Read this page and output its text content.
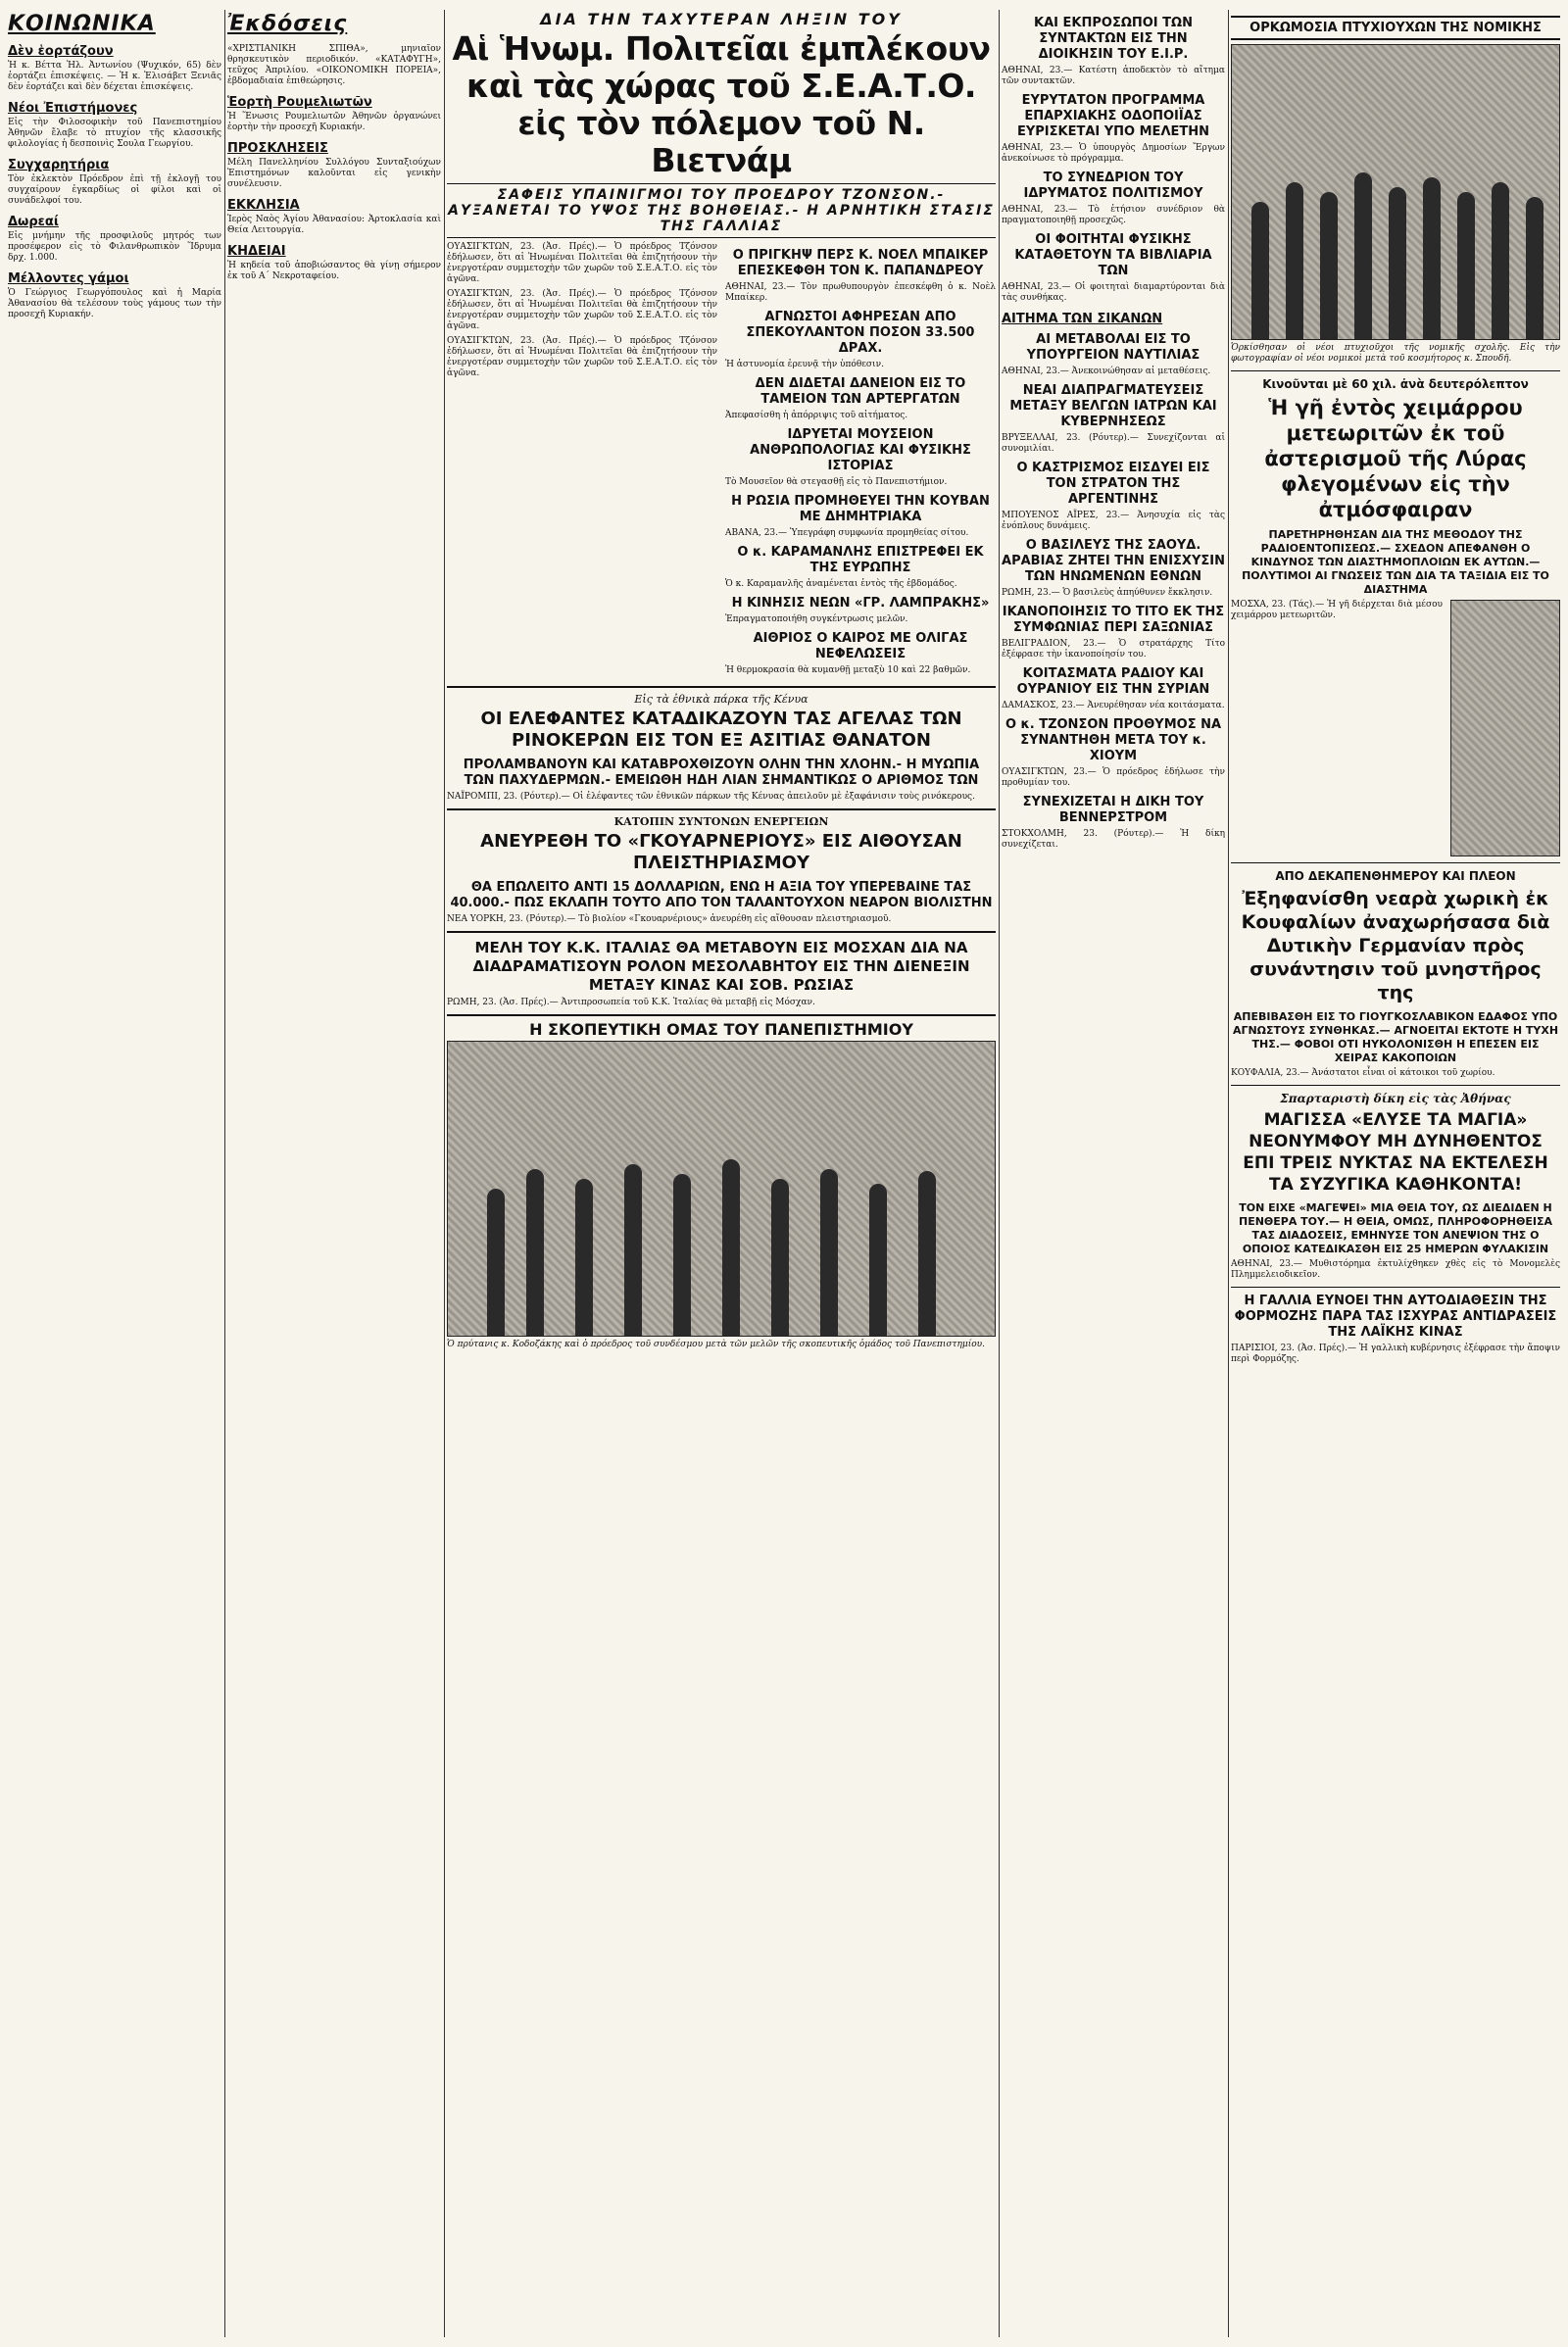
ΚΟΙΝΩΝΙΚΑ
Δὲν ἑορτάζουν

Ἡ κ. Βέττα Ἠλ. Ἀντωνίου (Ψυχικόν, 65) δὲν ἑορτάζει ἐπισκέψεις. — Ἡ κ. Ἑλισάβετ Ξενιᾶς δὲν ἑορτάζει καὶ δὲν δέχεται ἐπισκέψεις.

Νέοι Ἐπιστήμονες

Εἰς τὴν Φιλοσοφικὴν τοῦ Πανεπιστημίου Ἀθηνῶν ἔλαβε τὸ πτυχίον τῆς κλασσικῆς φιλολογίας ἡ δεσποινὶς Σουλα Γεωργίου.

Συγχαρητήρια

Τὸν ἐκλεκτὸν Πρόεδρον ἐπὶ τῇ ἐκλογῇ του συγχαίρουν ἐγκαρδίως οἱ φίλοι καὶ οἱ συνάδελφοί του.

Δωρεαί

Εἰς μνήμην τῆς προσφιλοῦς μητρός των προσέφερον εἰς τὸ Φιλανθρωπικὸν Ἵδρυμα δρχ. 1.000.

Μέλλοντες γάμοι

Ὁ Γεώργιος Γεωργόπουλος καὶ ἡ Μαρία Ἀθανασίου θὰ τελέσουν τοὺς γάμους των τὴν προσεχῆ Κυριακήν.

Ἐκδόσεις

«ΧΡΙΣΤΙΑΝΙΚΗ ΣΠΙΘΑ», μηνιαῖον θρησκευτικὸν περιοδικόν. «ΚΑΤΑΦΥΓΗ», τεῦχος Ἀπριλίου. «ΟΙΚΟΝΟΜΙΚΗ ΠΟΡΕΙΑ», ἑβδομαδιαία ἐπιθεώρησις.

Ἑορτὴ Ρουμελιωτῶν

Ἡ Ἕνωσις Ρουμελιωτῶν Ἀθηνῶν ὀργανώνει ἑορτὴν τὴν προσεχῆ Κυριακήν.

ΠΡΟΣΚΛΗΣΕΙΣ

Μέλη Πανελληνίου Συλλόγου Συνταξιούχων Ἐπιστημόνων καλοῦνται εἰς γενικὴν συνέλευσιν.

ΕΚΚΛΗΣΙΑ

Ἱερὸς Ναὸς Ἁγίου Ἀθανασίου: Ἀρτοκλασία καὶ Θεία Λειτουργία.

ΚΗΔΕΙΑΙ

Ἡ κηδεία τοῦ ἀποβιώσαντος θὰ γίνῃ σήμερον ἐκ τοῦ Α΄ Νεκροταφείου.

ΔΙΑ ΤΗΝ ΤΑΧΥΤΕΡΑΝ ΛΗΞΙΝ ΤΟΥ
Αἱ Ἡνωμ. Πολιτεῖαι ἐμπλέκουν καὶ τὰς χώρας τοῦ Σ.Ε.Α.Τ.Ο. εἰς τὸν πόλεμον τοῦ Ν. Βιετνάμ
ΣΑΦΕΙΣ ΥΠΑΙΝΙΓΜΟΙ ΤΟΥ ΠΡΟΕΔΡΟΥ ΤΖΟΝΣΟΝ.- ΑΥΞΑΝΕΤΑΙ ΤΟ ΥΨΟΣ ΤΗΣ ΒΟΗΘΕΙΑΣ.- Η ΑΡΝΗΤΙΚΗ ΣΤΑΣΙΣ ΤΗΣ ΓΑΛΛΙΑΣ

ΟΥΑΣΙΓΚΤΩΝ, 23. (Ἀσ. Πρές).— Ὁ πρόεδρος Τζόνσον ἐδήλωσεν, ὅτι αἱ Ἡνωμέναι Πολιτεῖαι θὰ ἐπιζητήσουν τὴν ἐνεργοτέραν συμμετοχὴν τῶν χωρῶν τοῦ Σ.Ε.Α.Τ.Ο. εἰς τὸν ἀγῶνα.

ΟΥΑΣΙΓΚΤΩΝ, 23. (Ἀσ. Πρές).— Ὁ πρόεδρος Τζόνσον ἐδήλωσεν, ὅτι αἱ Ἡνωμέναι Πολιτεῖαι θὰ ἐπιζητήσουν τὴν ἐνεργοτέραν συμμετοχὴν τῶν χωρῶν τοῦ Σ.Ε.Α.Τ.Ο. εἰς τὸν ἀγῶνα.

ΟΥΑΣΙΓΚΤΩΝ, 23. (Ἀσ. Πρές).— Ὁ πρόεδρος Τζόνσον ἐδήλωσεν, ὅτι αἱ Ἡνωμέναι Πολιτεῖαι θὰ ἐπιζητήσουν τὴν ἐνεργοτέραν συμμετοχὴν τῶν χωρῶν τοῦ Σ.Ε.Α.Τ.Ο. εἰς τὸν ἀγῶνα.

Ο ΠΡΙΓΚΗΨ ΠΕΡΣ Κ. ΝΟΕΛ ΜΠΑΙΚΕΡ ΕΠΕΣΚΕΦΘΗ ΤΟΝ Κ. ΠΑΠΑΝΔΡΕΟΥ

ΑΘΗΝΑΙ, 23.— Τὸν πρωθυπουργὸν ἐπεσκέφθη ὁ κ. Νοὲλ Μπαίκερ.

ΑΓΝΩΣΤΟΙ ΑΦΗΡΕΣΑΝ ΑΠΟ ΣΠΕΚΟΥΛΑΝΤΟΝ ΠΟΣΟΝ 33.500 ΔΡΑΧ.

Ἡ ἀστυνομία ἐρευνᾷ τὴν ὑπόθεσιν.

ΔΕΝ ΔΙΔΕΤΑΙ ΔΑΝΕΙΟΝ ΕΙΣ ΤΟ ΤΑΜΕΙΟΝ ΤΩΝ ΑΡΤΕΡΓΑΤΩΝ

Ἀπεφασίσθη ἡ ἀπόρριψις τοῦ αἰτήματος.

ΙΔΡΥΕΤΑΙ ΜΟΥΣΕΙΟΝ ΑΝΘΡΩΠΟΛΟΓΙΑΣ ΚΑΙ ΦΥΣΙΚΗΣ ΙΣΤΟΡΙΑΣ

Τὸ Μουσεῖον θὰ στεγασθῇ εἰς τὸ Πανεπιστήμιον.

Η ΡΩΣΙΑ ΠΡΟΜΗΘΕΥΕΙ ΤΗΝ ΚΟΥΒΑΝ ΜΕ ΔΗΜΗΤΡΙΑΚΑ

ΑΒΑΝΑ, 23.— Ὑπεγράφη συμφωνία προμηθείας σίτου.

Ο κ. ΚΑΡΑΜΑΝΛΗΣ ΕΠΙΣΤΡΕΦΕΙ ΕΚ ΤΗΣ ΕΥΡΩΠΗΣ

Ὁ κ. Καραμανλῆς ἀναμένεται ἐντὸς τῆς ἑβδομάδος.

Η ΚΙΝΗΣΙΣ ΝΕΩΝ «ΓΡ. ΛΑΜΠΡΑΚΗΣ»

Ἐπραγματοποιήθη συγκέντρωσις μελῶν.

ΑΙΘΡΙΟΣ Ο ΚΑΙΡΟΣ ΜΕ ΟΛΙΓΑΣ ΝΕΦΕΛΩΣΕΙΣ

Ἡ θερμοκρασία θὰ κυμανθῇ μεταξὺ 10 καὶ 22 βαθμῶν.

Εἰς τὰ ἐθνικὰ πάρκα τῆς Κένυα
ΟΙ ΕΛΕΦΑΝΤΕΣ ΚΑΤΑΔΙΚΑΖΟΥΝ ΤΑΣ ΑΓΕΛΑΣ ΤΩΝ ΡΙΝΟΚΕΡΩΝ ΕΙΣ ΤΟΝ ΕΞ ΑΣΙΤΙΑΣ ΘΑΝΑΤΟΝ
ΠΡΟΛΑΜΒΑΝΟΥΝ ΚΑΙ ΚΑΤΑΒΡΟΧΘΙΖΟΥΝ ΟΛΗΝ ΤΗΝ ΧΛΟΗΝ.- Η ΜΥΩΠΙΑ ΤΩΝ ΠΑΧΥΔΕΡΜΩΝ.- ΕΜΕΙΩΘΗ ΗΔΗ ΛΙΑΝ ΣΗΜΑΝΤΙΚΩΣ Ο ΑΡΙΘΜΟΣ ΤΩΝ

ΝΑΪΡΟΜΠΙ, 23. (Ρόυτερ).— Οἱ ἐλέφαντες τῶν ἐθνικῶν πάρκων τῆς Κένυας ἀπειλοῦν μὲ ἐξαφάνισιν τοὺς ρινόκερους.

ΚΑΤΟΠΙΝ ΣΥΝΤΟΝΩΝ ΕΝΕΡΓΕΙΩΝ
ΑΝΕΥΡΕΘΗ ΤΟ «ΓΚΟΥΑΡΝΕΡΙΟΥΣ» ΕΙΣ ΑΙΘΟΥΣΑΝ ΠΛΕΙΣΤΗΡΙΑΣΜΟΥ
ΘΑ ΕΠΩΛΕΙΤΟ ΑΝΤΙ 15 ΔΟΛΛΑΡΙΩΝ, ΕΝΩ Η ΑΞΙΑ ΤΟΥ ΥΠΕΡΕΒΑΙΝΕ ΤΑΣ 40.000.- ΠΩΣ ΕΚΛΑΠΗ ΤΟΥΤΟ ΑΠΟ ΤΟΝ ΤΑΛΑΝΤΟΥΧΟΝ ΝΕΑΡΟΝ ΒΙΟΛΙΣΤΗΝ

ΝΕΑ ΥΟΡΚΗ, 23. (Ρόυτερ).— Τὸ βιολίον «Γκουαρνέριους» ἀνευρέθη εἰς αἴθουσαν πλειστηριασμοῦ.

ΜΕΛΗ ΤΟΥ Κ.Κ. ΙΤΑΛΙΑΣ ΘΑ ΜΕΤΑΒΟΥΝ ΕΙΣ ΜΟΣΧΑΝ ΔΙΑ ΝΑ ΔΙΑΔΡΑΜΑΤΙΣΟΥΝ ΡΟΛΟΝ ΜΕΣΟΛΑΒΗΤΟΥ ΕΙΣ ΤΗΝ ΔΙΕΝΕΞΙΝ ΜΕΤΑΞΥ ΚΙΝΑΣ ΚΑΙ ΣΟΒ. ΡΩΣΙΑΣ

ΡΩΜΗ, 23. (Ἀσ. Πρές).— Ἀντιπροσωπεία τοῦ Κ.Κ. Ἰταλίας θὰ μεταβῇ εἰς Μόσχαν.

Η ΣΚΟΠΕΥΤΙΚΗ ΟΜΑΣ ΤΟΥ ΠΑΝΕΠΙΣΤΗΜΙΟΥ

Ὁ πρύτανις κ. Κοδοζάκης καὶ ὁ πρόεδρος τοῦ συνδέσμου μετὰ τῶν μελῶν τῆς σκοπευτικῆς ὁμάδος τοῦ Πανεπιστημίου.

ΚΑΙ ΕΚΠΡΟΣΩΠΟΙ ΤΩΝ ΣΥΝΤΑΚΤΩΝ ΕΙΣ ΤΗΝ ΔΙΟΙΚΗΣΙΝ ΤΟΥ Ε.Ι.Ρ.

ΑΘΗΝΑΙ, 23.— Κατέστη ἀποδεκτὸν τὸ αἴτημα τῶν συντακτῶν.

ΕΥΡΥΤΑΤΟΝ ΠΡΟΓΡΑΜΜΑ ΕΠΑΡΧΙΑΚΗΣ ΟΔΟΠΟΙΪΑΣ ΕΥΡΙΣΚΕΤΑΙ ΥΠΟ ΜΕΛΕΤΗΝ

ΑΘΗΝΑΙ, 23.— Ὁ ὑπουργὸς Δημοσίων Ἔργων ἀνεκοίνωσε τὸ πρόγραμμα.

ΤΟ ΣΥΝΕΔΡΙΟΝ ΤΟΥ ΙΔΡΥΜΑΤΟΣ ΠΟΛΙΤΙΣΜΟΥ

ΑΘΗΝΑΙ, 23.— Τὸ ἐτήσιον συνέδριον θὰ πραγματοποιηθῇ προσεχῶς.

ΟΙ ΦΟΙΤΗΤΑΙ ΦΥΣΙΚΗΣ ΚΑΤΑΘΕΤΟΥΝ ΤΑ ΒΙΒΛΙΑΡΙΑ ΤΩΝ

ΑΘΗΝΑΙ, 23.— Οἱ φοιτηταὶ διαμαρτύρονται διὰ τὰς συνθήκας.

ΑΙΤΗΜΑ ΤΩΝ ΣΙΚΑΝΩΝ
ΑΙ ΜΕΤΑΒΟΛΑΙ ΕΙΣ ΤΟ ΥΠΟΥΡΓΕΙΟΝ ΝΑΥΤΙΛΙΑΣ

ΑΘΗΝΑΙ, 23.— Ἀνεκοινώθησαν αἱ μεταθέσεις.

ΝΕΑΙ ΔΙΑΠΡΑΓΜΑΤΕΥΣΕΙΣ ΜΕΤΑΞΥ ΒΕΛΓΩΝ ΙΑΤΡΩΝ ΚΑΙ ΚΥΒΕΡΝΗΣΕΩΣ

ΒΡΥΞΕΛΛΑΙ, 23. (Ρόυτερ).— Συνεχίζονται αἱ συνομιλίαι.

Ο ΚΑΣΤΡΙΣΜΟΣ ΕΙΣΔΥΕΙ ΕΙΣ ΤΟΝ ΣΤΡΑΤΟΝ ΤΗΣ ΑΡΓΕΝΤΙΝΗΣ

ΜΠΟΥΕΝΟΣ ΑΪΡΕΣ, 23.— Ἀνησυχία εἰς τὰς ἐνόπλους δυνάμεις.

Ο ΒΑΣΙΛΕΥΣ ΤΗΣ ΣΑΟΥΔ. ΑΡΑΒΙΑΣ ΖΗΤΕΙ ΤΗΝ ΕΝΙΣΧΥΣΙΝ ΤΩΝ ΗΝΩΜΕΝΩΝ ΕΘΝΩΝ

ΡΩΜΗ, 23.— Ὁ βασιλεὺς ἀπηύθυνεν ἔκκλησιν.

ΙΚΑΝΟΠΟΙΗΣΙΣ ΤΟ ΤΙΤΟ ΕΚ ΤΗΣ ΣΥΜΦΩΝΙΑΣ ΠΕΡΙ ΣΑΞΩΝΙΑΣ

ΒΕΛΙΓΡΑΔΙΟΝ, 23.— Ὁ στρατάρχης Τίτο ἐξέφρασε τὴν ἱκανοποίησίν του.

ΚΟΙΤΑΣΜΑΤΑ ΡΑΔΙΟΥ ΚΑΙ ΟΥΡΑΝΙΟΥ ΕΙΣ ΤΗΝ ΣΥΡΙΑΝ

ΔΑΜΑΣΚΟΣ, 23.— Ἀνευρέθησαν νέα κοιτάσματα.

Ο κ. ΤΖΟΝΣΟΝ ΠΡΟΘΥΜΟΣ ΝΑ ΣΥΝΑΝΤΗΘΗ ΜΕΤΑ ΤΟΥ κ. ΧΙΟΥΜ

ΟΥΑΣΙΓΚΤΩΝ, 23.— Ὁ πρόεδρος ἐδήλωσε τὴν προθυμίαν του.

ΣΥΝΕΧΙΖΕΤΑΙ Η ΔΙΚΗ ΤΟΥ ΒΕΝΝΕΡΣΤΡΟΜ

ΣΤΟΚΧΟΛΜΗ, 23. (Ρόυτερ).— Ἡ δίκη συνεχίζεται.

ΟΡΚΩΜΟΣΙΑ ΠΤΥΧΙΟΥΧΩΝ ΤΗΣ ΝΟΜΙΚΗΣ

Ὁρκίσθησαν οἱ νέοι πτυχιοῦχοι τῆς νομικῆς σχολῆς. Εἰς τὴν φωτογραφίαν οἱ νέοι νομικοὶ μετὰ τοῦ κοσμήτορος κ. Σπουδῆ.

Κινοῦνται μὲ 60 χιλ. ἀνὰ δευτερόλεπτον
Ἡ γῆ ἐντὸς χειμάρρου μετεωριτῶν ἐκ τοῦ ἀστερισμοῦ τῆς Λύρας φλεγομένων εἰς τὴν ἀτμόσφαιραν
ΠΑΡΕΤΗΡΗΘΗΣΑΝ ΔΙΑ ΤΗΣ ΜΕΘΟΔΟΥ ΤΗΣ ΡΑΔΙΟΕΝΤΟΠΙΣΕΩΣ.— ΣΧΕΔΟΝ ΑΠΕΦΑΝΘΗ Ο ΚΙΝΔΥΝΟΣ ΤΩΝ ΔΙΑΣΤΗΜΟΠΛΟΙΩΝ ΕΚ ΑΥΤΩΝ.— ΠΟΛΥΤΙΜΟΙ ΑΙ ΓΝΩΣΕΙΣ ΤΩΝ ΔΙΑ ΤΑ ΤΑΞΙΔΙΑ ΕΙΣ ΤΟ ΔΙΑΣΤΗΜΑ

ΜΟΣΧΑ, 23. (Τάς).— Ἡ γῆ διέρχεται διὰ μέσου χειμάρρου μετεωριτῶν.

ΑΠΟ ΔΕΚΑΠΕΝΘΗΜΕΡΟΥ ΚΑΙ ΠΛΕΟΝ
Ἐξηφανίσθη νεαρὰ χωρικὴ ἐκ Κουφαλίων ἀναχωρήσασα διὰ Δυτικὴν Γερμανίαν πρὸς συνάντησιν τοῦ μνηστῆρος της
ΑΠΕΒΙΒΑΣΘΗ ΕΙΣ ΤΟ ΓΙΟΥΓΚΟΣΛΑΒΙΚΟΝ ΕΔΑΦΟΣ ΥΠΟ ΑΓΝΩΣΤΟΥΣ ΣΥΝΘΗΚΑΣ.— ΑΓΝΟΕΙΤΑΙ ΕΚΤΟΤΕ Η ΤΥΧΗ ΤΗΣ.— ΦΟΒΟΙ ΟΤΙ ΗΥΚΟΛΟΝΙΣΘΗ Η ΕΠΕΣΕΝ ΕΙΣ ΧΕΙΡΑΣ ΚΑΚΟΠΟΙΩΝ

ΚΟΥΦΑΛΙΑ, 23.— Ἀνάστατοι εἶναι οἱ κάτοικοι τοῦ χωρίου.

Σπαρταριστὴ δίκη εἰς τὰς Ἀθήνας
ΜΑΓΙΣΣΑ «ΕΛΥΣΕ ΤΑ ΜΑΓΙΑ» ΝΕΟΝΥΜΦΟΥ ΜΗ ΔΥΝΗΘΕΝΤΟΣ ΕΠΙ ΤΡΕΙΣ ΝΥΚΤΑΣ ΝΑ ΕΚΤΕΛΕΣΗ ΤΑ ΣΥΖΥΓΙΚΑ ΚΑΘΗΚΟΝΤΑ!
ΤΟΝ ΕΙΧΕ «ΜΑΓΕΨΕΙ» ΜΙΑ ΘΕΙΑ ΤΟΥ, ΩΣ ΔΙΕΔΙΔΕΝ Η ΠΕΝΘΕΡΑ ΤΟΥ.— Η ΘΕΙΑ, ΟΜΩΣ, ΠΛΗΡΟΦΟΡΗΘΕΙΣΑ ΤΑΣ ΔΙΑΔΟΣΕΙΣ, ΕΜΗΝΥΣΕ ΤΟΝ ΑΝΕΨΙΟΝ ΤΗΣ Ο ΟΠΟΙΟΣ ΚΑΤΕΔΙΚΑΣΘΗ ΕΙΣ 25 ΗΜΕΡΩΝ ΦΥΛΑΚΙΣΙΝ

ΑΘΗΝΑΙ, 23.— Μυθιστόρημα ἐκτυλίχθηκεν χθὲς εἰς τὸ Μονομελὲς Πλημμελειοδικεῖον.

Η ΓΑΛΛΙΑ ΕΥΝΟΕΙ ΤΗΝ ΑΥΤΟΔΙΑΘΕΣΙΝ ΤΗΣ ΦΟΡΜΟΖΗΣ ΠΑΡΑ ΤΑΣ ΙΣΧΥΡΑΣ ΑΝΤΙΔΡΑΣΕΙΣ ΤΗΣ ΛΑΪΚΗΣ ΚΙΝΑΣ

ΠΑΡΙΣΙΟΙ, 23. (Ἀσ. Πρές).— Ἡ γαλλικὴ κυβέρνησις ἐξέφρασε τὴν ἄποψιν περὶ Φορμόζης.
